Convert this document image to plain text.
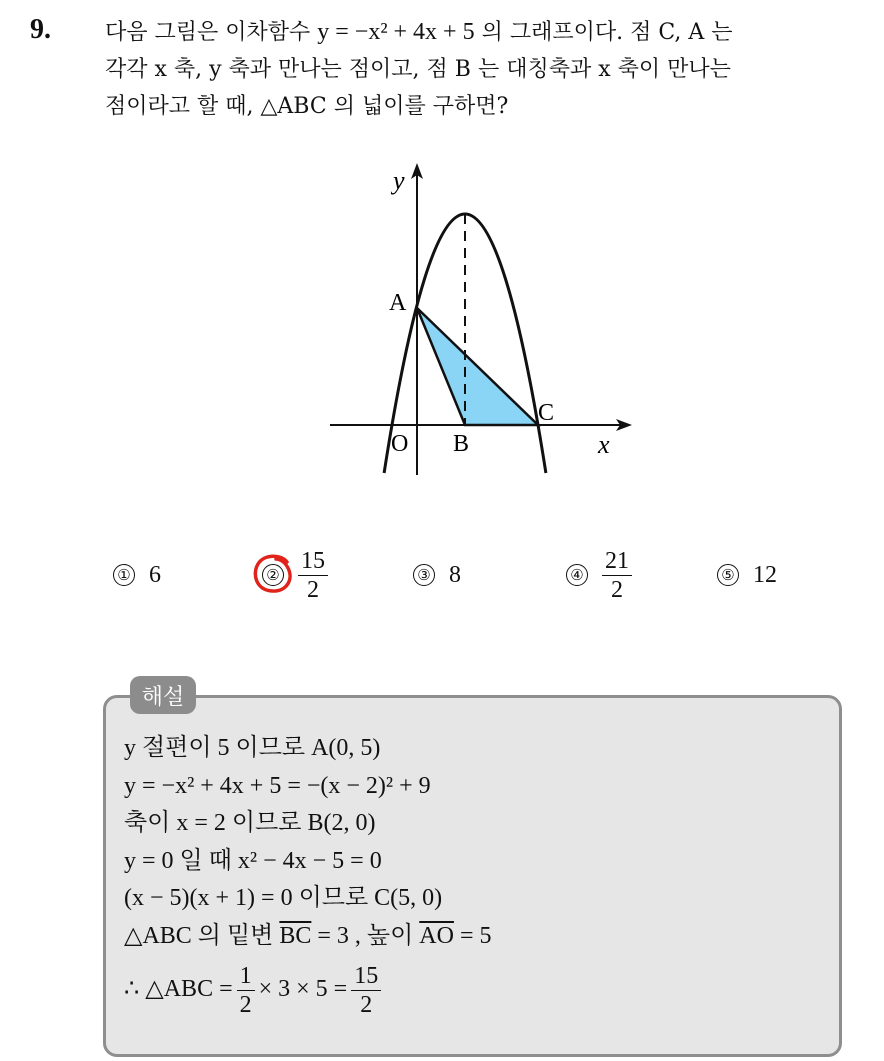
9. 다음 그림은 이차함수 y = −x² + 4x + 5 의 그래프이다. 점 C, A 는
각각 x 축, y 축과 만나는 점이고, 점 B 는 대칭축과 x 축이 만나는
점이라고 할 때, △ABC 의 넓이를 구하면?
y
x
A
O B
C
① 6	② $\frac{15}{2}$	③ 8	④ $\frac{21}{2}$	⑤ 12
해설
y 절편이 5 이므로 A(0, 5)
y = −x² + 4x + 5 = −(x − 2)² + 9
축이 x = 2 이므로 B(2, 0)
y = 0 일 때 x² − 4x − 5 = 0
(x − 5)(x + 1) = 0 이므로 C(5, 0)
△ABC 의 밑변 $\overline{BC} = 3$ , 높이 $\overline{AO} = 5$
∴ △ABC = $\frac{1}{2} \times 3 \times 5 = \frac{15}{2}$
